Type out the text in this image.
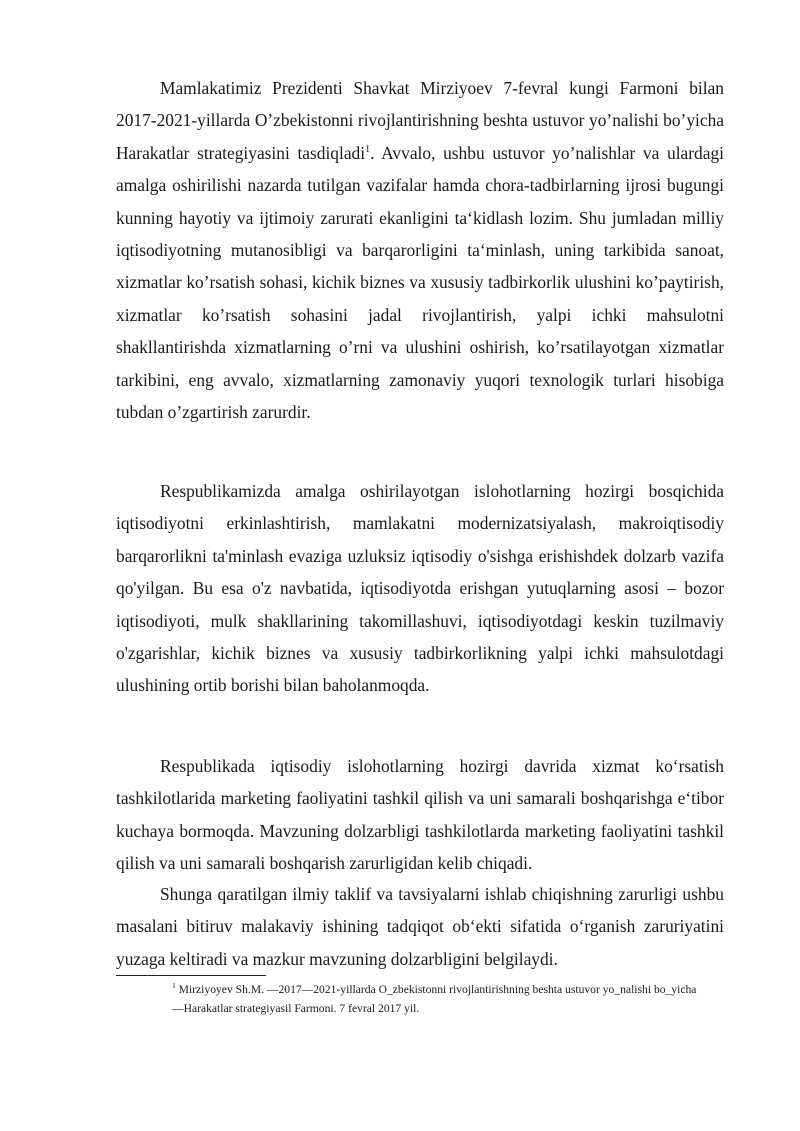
Mamlakatimiz Prezidenti Shavkat Mirziyoev 7-fevral kungi Farmoni bilan 2017-2021-yillarda O’zbekistonni rivojlantirishning beshta ustuvor yo’nalishi bo’yicha Harakatlar strategiyasini tasdiqladi$^1$. Avvalo, ushbu ustuvor yo’nalishlar va ulardagi amalga oshirilishi nazarda tutilgan vazifalar hamda chora-tadbirlarning ijrosi bugungi kunning hayotiy va ijtimoiy zarurati ekanligini ta‘kidlash lozim. Shu jumladan milliy iqtisodiyotning mutanosibligi va barqarorligini ta‘minlash, uning tarkibida sanoat, xizmatlar ko’rsatish sohasi, kichik biznes va xususiy tadbirkorlik ulushini ko’paytirish, xizmatlar ko’rsatish sohasini jadal rivojlantirish, yalpi ichki mahsulotni shakllantirishda xizmatlarning o’rni va ulushini oshirish, ko’rsatilayotgan xizmatlar tarkibini, eng avvalo, xizmatlarning zamonaviy yuqori texnologik turlari hisobiga tubdan o’zgartirish zarurdir.

Respublikamizda amalga oshirilayotgan islohotlarning hozirgi bosqichida iqtisodiyotni erkinlashtirish, mamlakatni modernizatsiyalash, makroiqtisodiy barqarorlikni ta'minlash evaziga uzluksiz iqtisodiy o'sishga erishishdek dolzarb vazifa qo'yilgan. Bu esa o'z navbatida, iqtisodiyotda erishgan yutuqlarning asosi – bozor iqtisodiyoti, mulk shakllarining takomillashuvi, iqtisodiyotdagi keskin tuzilmaviy o'zgarishlar, kichik biznes va xususiy tadbirkorlikning yalpi ichki mahsulotdagi ulushining ortib borishi bilan baholanmoqda.

Respublikada iqtisodiy islohotlarning hozirgi davrida xizmat ko‘rsatish tashkilotlarida marketing faoliyatini tashkil qilish va uni samarali boshqarishga e‘tibor kuchaya bormoqda. Mavzuning dolzarbligi tashkilotlarda marketing faoliyatini tashkil qilish va uni samarali boshqarish zarurligidan kelib chiqadi.

Shunga qaratilgan ilmiy taklif va tavsiyalarni ishlab chiqishning zarurligi ushbu masalani bitiruv malakaviy ishining tadqiqot ob‘ekti sifatida o‘rganish zaruriyatini yuzaga keltiradi va mazkur mavzuning dolzarbligini belgilaydi.

$^1$ Mirziyoyev Sh.M. ―2017―2021-yillarda O_zbekistonni rivojlantirishning beshta ustuvor yo_nalishi bo_yicha ―Harakatlar strategiyasil Farmoni. 7 fevral 2017 yil.
